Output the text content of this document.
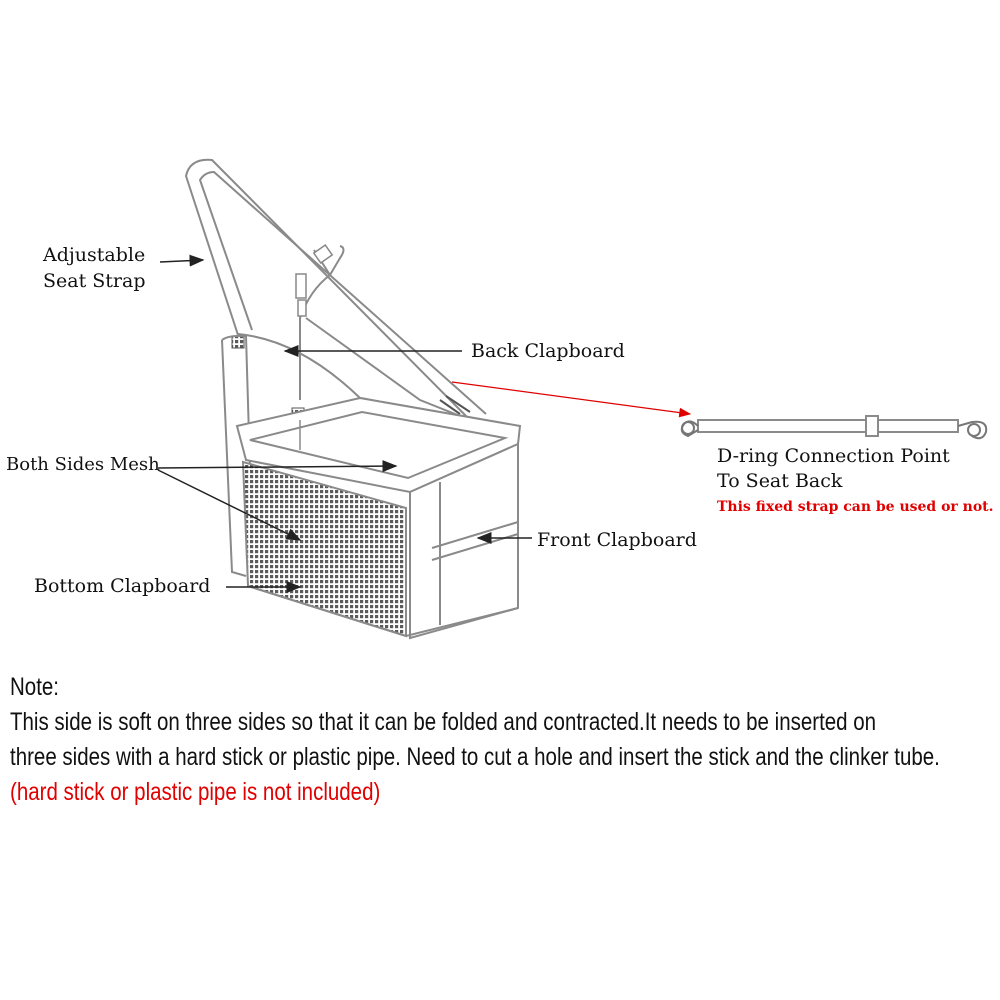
Adjustable
Seat Strap
Back Clapboard
Both Sides Mesh
Front Clapboard
Bottom Clapboard
D-ring Connection Point
To Seat Back
This fixed strap can be used or not.
Note:
This side is soft on three sides so that it can be folded and contracted.It needs to be inserted on
three sides with a hard stick or plastic pipe. Need to cut a hole and insert the stick and the clinker tube.
(hard stick or plastic pipe is not included)
